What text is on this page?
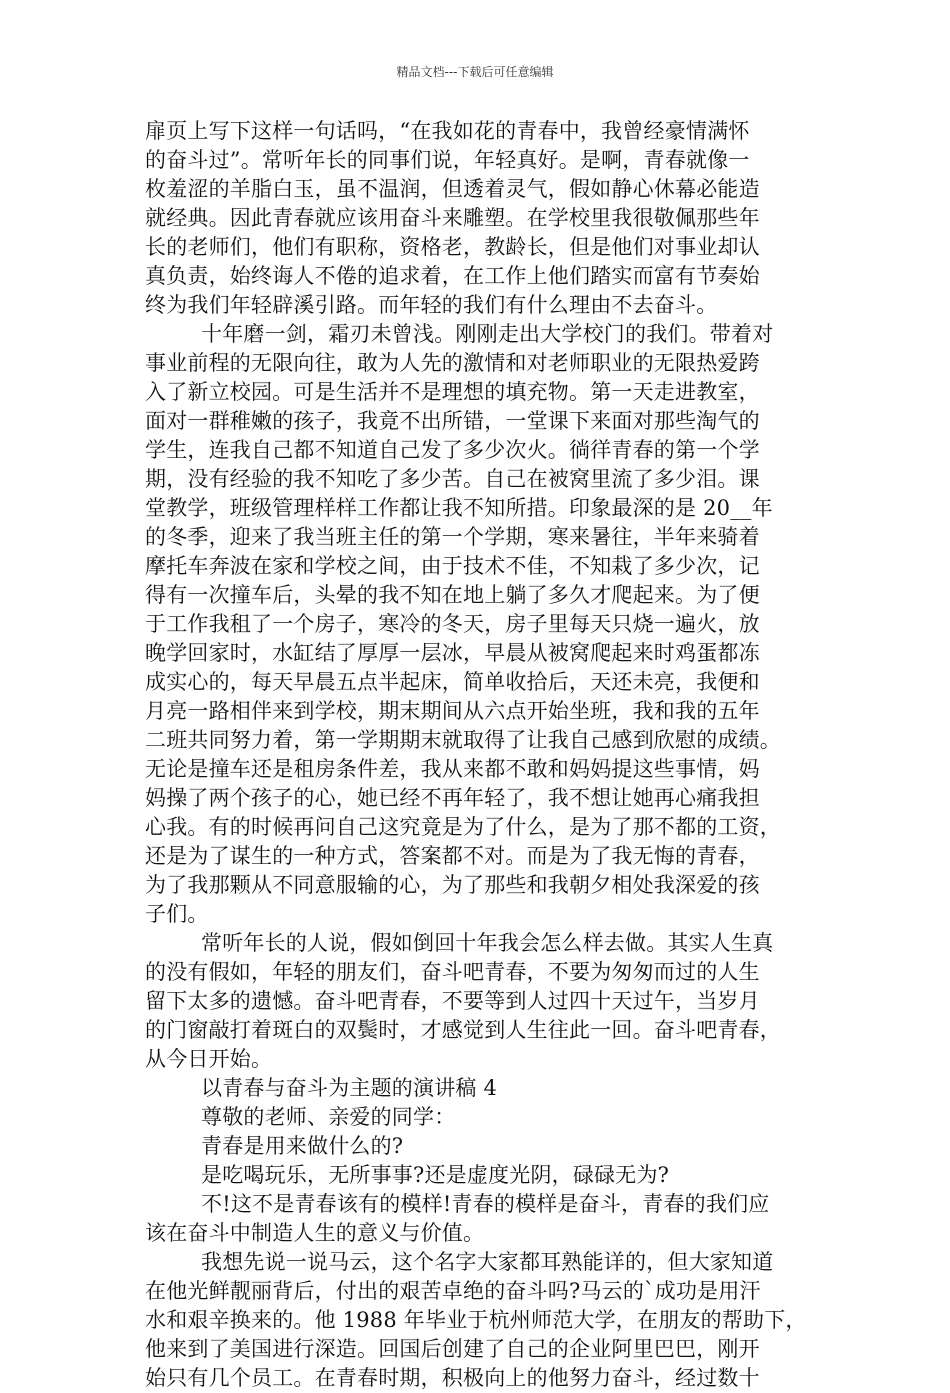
精品文档---下载后可任意编辑
扉页上写下这样一句话吗，“在我如花的青春中，我曾经豪情满怀
的奋斗过”。常听年长的同事们说，年轻真好。是啊，青春就像一
枚羞涩的羊脂白玉，虽不温润，但透着灵气，假如静心休幕必能造
就经典。因此青春就应该用奋斗来雕塑。在学校里我很敬佩那些年
长的老师们，他们有职称，资格老，教龄长，但是他们对事业却认
真负责，始终诲人不倦的追求着，在工作上他们踏实而富有节奏始
终为我们年轻辟溪引路。而年轻的我们有什么理由不去奋斗。
十年磨一剑，霜刃未曾浅。刚刚走出大学校门的我们。带着对
事业前程的无限向往，敢为人先的激情和对老师职业的无限热爱跨
入了新立校园。可是生活并不是理想的填充物。第一天走进教室，
面对一群稚嫩的孩子，我竟不出所错，一堂课下来面对那些淘气的
学生，连我自己都不知道自己发了多少次火。徜徉青春的第一个学
期，没有经验的我不知吃了多少苦。自己在被窝里流了多少泪。课
堂教学，班级管理样样工作都让我不知所措。印象最深的是 20__年
的冬季，迎来了我当班主任的第一个学期，寒来暑往，半年来骑着
摩托车奔波在家和学校之间，由于技术不佳，不知栽了多少次，记
得有一次撞车后，头晕的我不知在地上躺了多久才爬起来。为了便
于工作我租了一个房子，寒冷的冬天，房子里每天只烧一遍火，放
晚学回家时，水缸结了厚厚一层冰，早晨从被窝爬起来时鸡蛋都冻
成实心的，每天早晨五点半起床，简单收拾后，天还未亮，我便和
月亮一路相伴来到学校，期末期间从六点开始坐班，我和我的五年
二班共同努力着，第一学期期末就取得了让我自己感到欣慰的成绩。
无论是撞车还是租房条件差，我从来都不敢和妈妈提这些事情，妈
妈操了两个孩子的心，她已经不再年轻了，我不想让她再心痛我担
心我。有的时候再问自己这究竟是为了什么，是为了那不都的工资，
还是为了谋生的一种方式，答案都不对。而是为了我无悔的青春，
为了我那颗从不同意服输的心，为了那些和我朝夕相处我深爱的孩
子们。
常听年长的人说，假如倒回十年我会怎么样去做。其实人生真
的没有假如，年轻的朋友们，奋斗吧青春，不要为匆匆而过的人生
留下太多的遗憾。奋斗吧青春，不要等到人过四十天过午，当岁月
的门窗敲打着斑白的双鬓时，才感觉到人生往此一回。奋斗吧青春，
从今日开始。
以青春与奋斗为主题的演讲稿 4
尊敬的老师、亲爱的同学：
青春是用来做什么的?
是吃喝玩乐，无所事事?还是虚度光阴，碌碌无为?
不!这不是青春该有的模样!青春的模样是奋斗，青春的我们应
该在奋斗中制造人生的意义与价值。
我想先说一说马云，这个名字大家都耳熟能详的，但大家知道
在他光鲜靓丽背后，付出的艰苦卓绝的奋斗吗?马云的`成功是用汗
水和艰辛换来的。他 1988 年毕业于杭州师范大学，在朋友的帮助下，
他来到了美国进行深造。回国后创建了自己的企业阿里巴巴，刚开
始只有几个员工。在青春时期，积极向上的他努力奋斗，经过数十
